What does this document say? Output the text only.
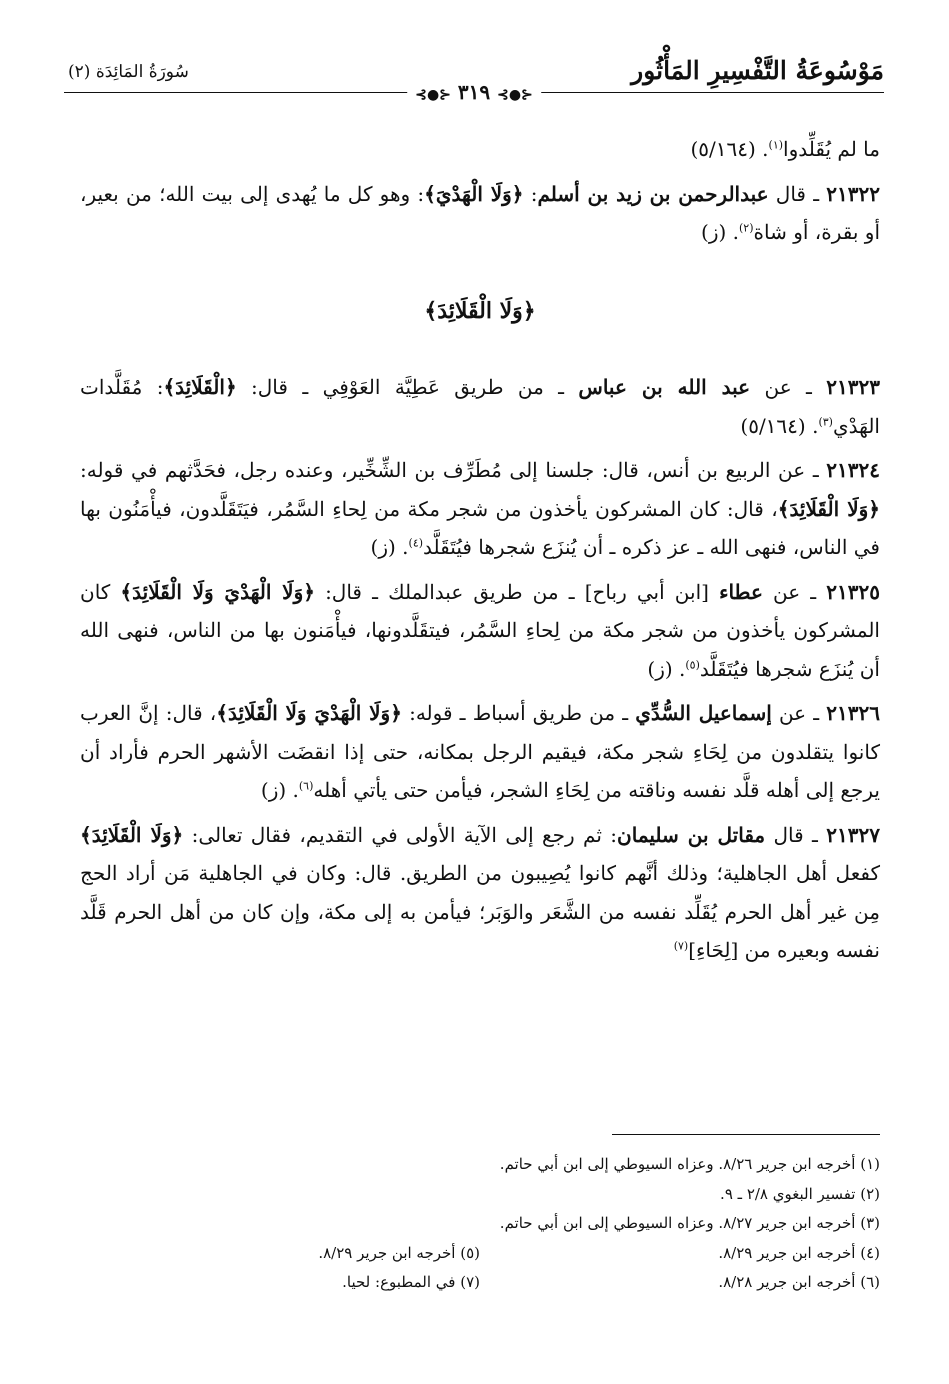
مَوْسُوعَةُ التَّفْسِيرِ المَأْثُور
سُورَةُ المَائِدَة (٢)
⊰●⊱ ٣١٩ ⊰●⊱

ما لم يُقَلِّدوا$^{(١)}$. (٥/١٦٤)

٢١٣٢٢ ـ قال عبدالرحمن بن زيد بن أسلم: ﴿وَلَا الْهَدْيَ﴾: وهو كل ما يُهدى إلى بيت الله؛ من بعير، أو بقرة، أو شاة$^{(٢)}$. (ز)

﴿وَلَا الْقَلَائِدَ﴾

٢١٣٢٣ ـ عن عبد الله بن عباس ـ من طريق عَطِيَّة العَوْفِي ـ قال: ﴿الْقَلَائِدَ﴾: مُقَلَّدات الهَدْي$^{(٣)}$. (٥/١٦٤)

٢١٣٢٤ ـ عن الربيع بن أنس، قال: جلسنا إلى مُطَرِّف بن الشِّخِّير، وعنده رجل، فحَدَّثهم في قوله: ﴿وَلَا الْقَلَائِدَ﴾، قال: كان المشركون يأخذون من شجر مكة من لِحاءِ السَّمُر، فيَتَقَلَّدون، فيأْمَنُون بها في الناس، فنهى الله ـ عز ذكره ـ أن يُنزَع شجرها فيُتَقَلَّد$^{(٤)}$. (ز)

٢١٣٢٥ ـ عن عطاء [ابن أبي رباح] ـ من طريق عبدالملك ـ قال: ﴿وَلَا الْهَدْيَ وَلَا الْقَلَائِدَ﴾ كان المشركون يأخذون من شجر مكة من لِحاءِ السَّمُر، فيتقَلَّدونها، فيأْمَنون بها من الناس، فنهى الله أن يُنزَع شجرها فيُتَقَلَّد$^{(٥)}$. (ز)

٢١٣٢٦ ـ عن إسماعيل السُّدِّي ـ من طريق أسباط ـ قوله: ﴿وَلَا الْهَدْيَ وَلَا الْقَلَائِدَ﴾، قال: إنَّ العرب كانوا يتقلدون من لِحَاءِ شجر مكة، فيقيم الرجل بمكانه، حتى إذا انقضَت الأشهر الحرم فأراد أن يرجع إلى أهله قلَّد نفسه وناقته من لِحَاءِ الشجر، فيأمن حتى يأتي أهله$^{(٦)}$. (ز)

٢١٣٢٧ ـ قال مقاتل بن سليمان: ثم رجع إلى الآية الأولى في التقديم، فقال تعالى: ﴿وَلَا الْقَلَائِدَ﴾ كفعل أهل الجاهلية؛ وذلك أنَّهم كانوا يُصِيبون من الطريق. قال: وكان في الجاهلية مَن أراد الحج مِن غير أهل الحرم يُقَلِّد نفسه من الشَّعَر والوَبَر؛ فيأمن به إلى مكة، وإن كان من أهل الحرم قَلَّد نفسه وبعيره من [لِحَاءِ]$^{(٧)}$

(١) أخرجه ابن جرير ٨/٢٦. وعزاه السيوطي إلى ابن أبي حاتم.
(٢) تفسير البغوي ٢/٨ ـ ٩.
(٣) أخرجه ابن جرير ٨/٢٧. وعزاه السيوطي إلى ابن أبي حاتم.
(٤) أخرجه ابن جرير ٨/٢٩.
(٥) أخرجه ابن جرير ٨/٢٩.
(٦) أخرجه ابن جرير ٨/٢٨.
(٧) في المطبوع: لحيا.
